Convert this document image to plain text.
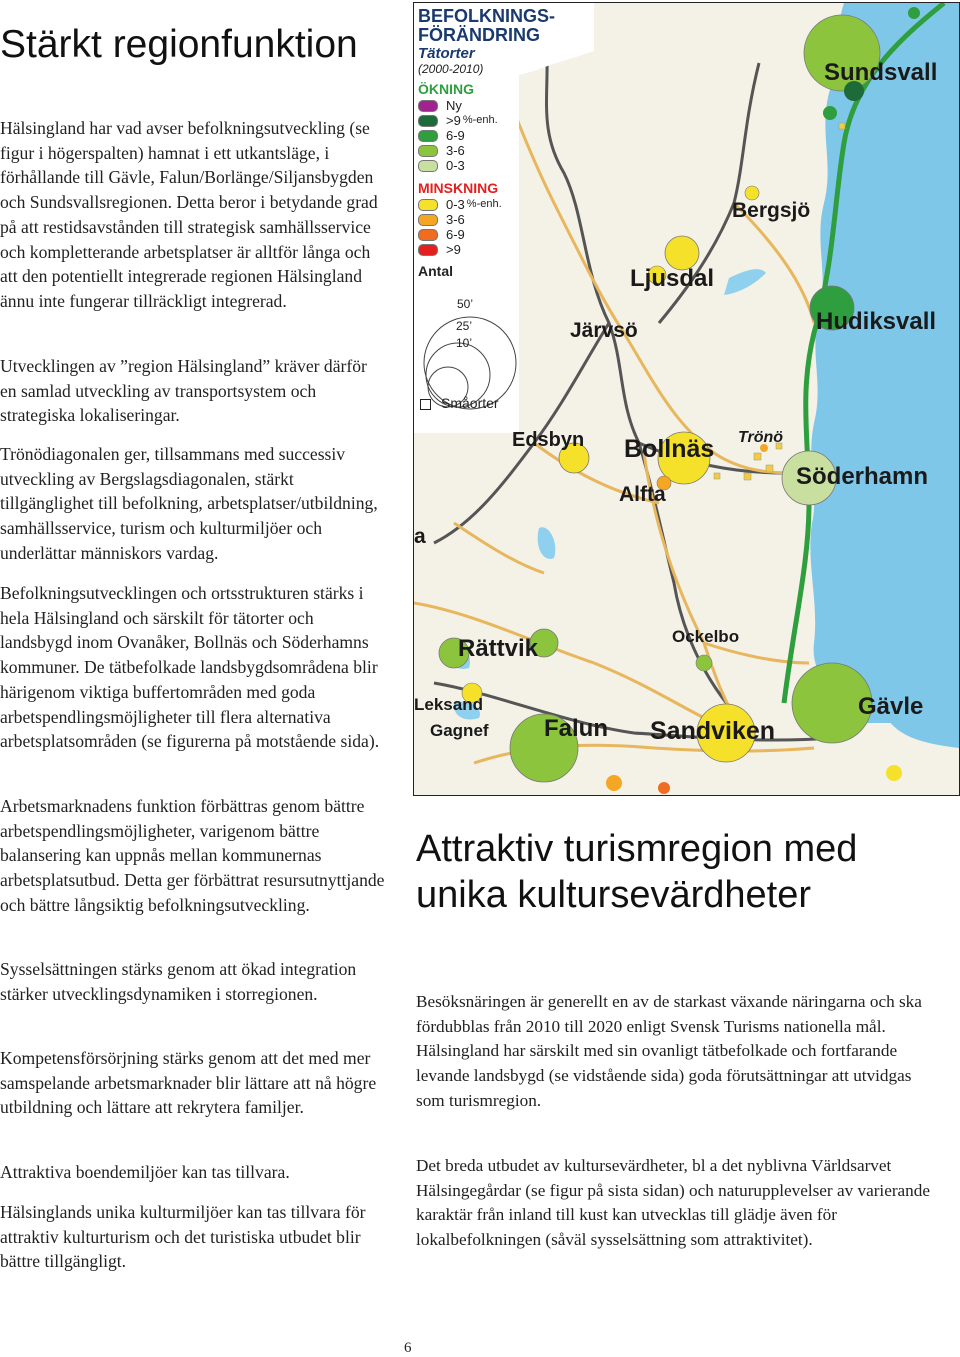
Stärkt regionfunktion

Hälsingland har vad avser befolkningsutveckling (se figur i högerspalten) hamnat i ett utkantsläge, i förhållande till Gävle, Falun/Borlänge/Siljansbygden och Sundsvallsregionen. Detta beror i betydande grad på att restidsavstånden till strategisk samhällsservice och kompletterande arbetsplatser är alltför långa och att den potentiellt integrerade regionen Hälsingland ännu inte fungerar tillräckligt integrerad.

Utvecklingen av ”region Hälsingland” kräver därför en samlad utveckling av transportsystem och strategiska lokaliseringar.

Trönödiagonalen ger, tillsammans med successiv utveckling av Bergslagsdiagonalen, stärkt tillgänglighet till befolkning, arbetsplatser/utbildning, samhällsservice, turism och kulturmiljöer och underlättar människors vardag.

Befolkningsutvecklingen och ortsstrukturen stärks i hela Hälsingland och särskilt för tätorter och landsbygd inom Ovanåker, Bollnäs och Söderhamns kommuner. De tätbefolkade landsbygdsområdena blir härigenom viktiga buffertområden med goda arbetspendlingsmöjligheter till flera alternativa arbetsplatsområden (se figurerna på motstående sida).

Arbetsmarknadens funktion förbättras genom bättre arbetspendlingsmöjligheter, varigenom bättre balansering kan uppnås mellan kommunernas arbetsplatsutbud. Detta ger förbättrat resursutnyttjande och bättre långsiktig befolkningsutveckling.

Sysselsättningen stärks genom att ökad integration stärker utvecklingsdynamiken i storregionen.

Kompetensförsörjning stärks genom att det med mer samspelande arbetsmarknader blir lättare att nå högre utbildning och lättare att rekrytera familjer.

Attraktiva boendemiljöer kan tas tillvara.

Hälsinglands unika kulturmiljöer kan tas tillvara för attraktiv kulturturism och det turistiska utbudet blir bättre tillgängligt.

BEFOLKNINGS-
FÖRÄNDRING
Tätorter
(2000-2010)
ÖKNING
Ny
>9 %-enh.
6-9
3-6
0-3
MINSKNING
0-3 %-enh.
3-6
6-9
>9
Antal
50’
25’
10’
Småorter
Sundsvall
Bergsjö
Ljusdal
Järvsö	Hudiksvall
Edsbyn Bollnäs Trönö
Alfta
Söderhamn
a
Rättvik	Ockelbo
Leksand
Gagnef Falun Sandviken
Gävle
Attraktiv turismregion med unika kultursevärdheter

Besöksnäringen är generellt en av de starkast växande näringarna och ska fördubblas från 2010 till 2020 enligt Svensk Turisms nationella mål. Hälsingland har särskilt med sin ovanligt tätbefolkade och fortfarande levande landsbygd (se vidstående sida) goda förutsättningar att utvidgas som turismregion.

Det breda utbudet av kultursevärdheter, bl a det nyblivna Världsarvet Hälsingegårdar (se figur på sista sidan) och naturupplevelser av varierande karaktär från inland till kust kan utvecklas till glädje även för lokalbefolkningen (såväl sysselsättning som attraktivitet).

6
